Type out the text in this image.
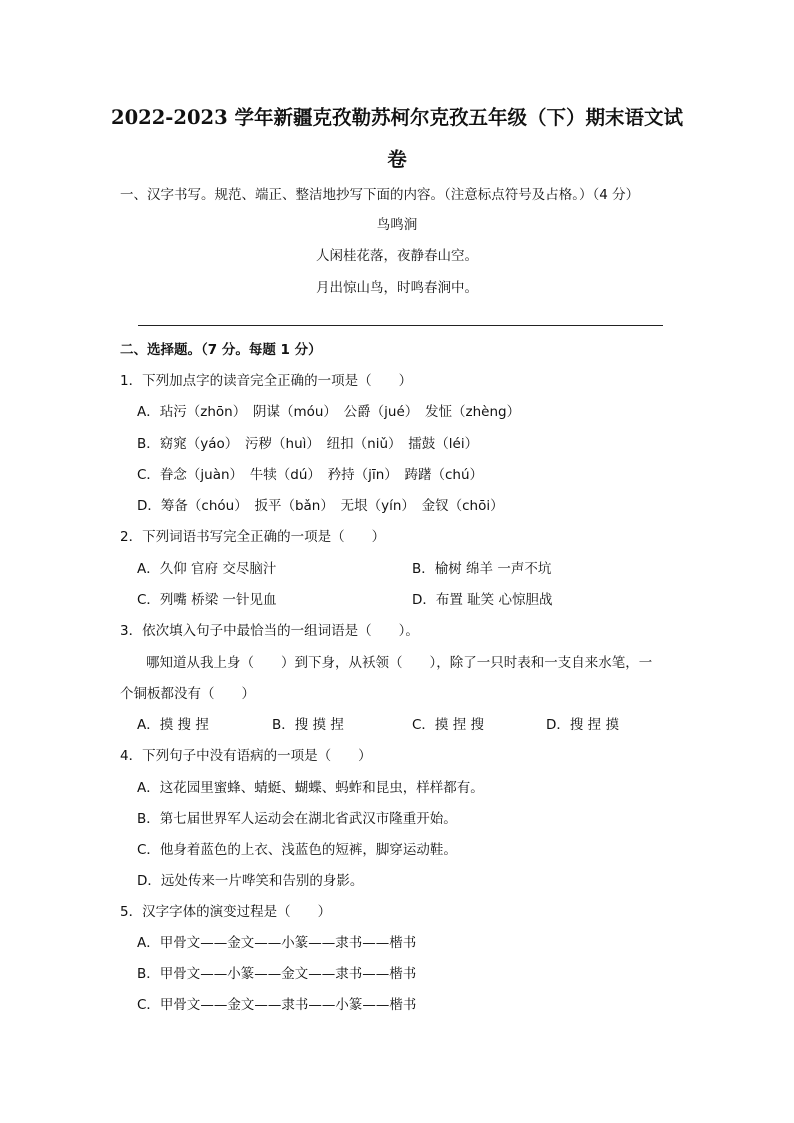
2022-2023 学年新疆克孜勒苏柯尔克孜五年级（下）期末语文试
卷
一、汉字书写。规范、端正、整洁地抄写下面的内容。（注意标点符号及占格。）（4 分）
鸟鸣涧
人闲桂花落，夜静春山空。
月出惊山鸟，时鸣春涧中。
二、选择题。（7 分。每题 1 分）
1．下列加点字的读音完全正确的一项是（　　）
A．玷污（zhōn）　阴谋（móu）　公爵（jué）　发怔（zhèng）
B．窈窕（yáo）　污秽（huì）　纽扣（niǔ）　擂鼓（léi）
C．眷念（juàn）　牛犊（dú）　矜持（jīn）　踌躇（chú）
D．筹备（chóu）　扳平（bǎn）　无垠（yín）　金钗（chōi）
2．下列词语书写完全正确的一项是（　　）
A．久仰 官府 交尽脑汁	B．榆树 绵羊 一声不坑
C．列嘴 桥梁 一针见血	D．布置 耻笑 心惊胆战
3．依次填入句子中最恰当的一组词语是（　　）。
哪知道从我上身（　　）到下身，从袄领（　　），除了一只时表和一支自来水笔，一
个铜板都没有（　　）
A．摸 搜 捏	B．搜 摸 捏	C．摸 捏 搜	D．搜 捏 摸
4．下列句子中没有语病的一项是（　　）
A．这花园里蜜蜂、蜻蜓、蝴蝶、蚂蚱和昆虫，样样都有。
B．第七届世界军人运动会在湖北省武汉市隆重开始。
C．他身着蓝色的上衣、浅蓝色的短裤，脚穿运动鞋。
D．远处传来一片哗笑和告别的身影。
5．汉字字体的演变过程是（　　）
A．甲骨文——金文——小篆——隶书——楷书
B．甲骨文——小篆——金文——隶书——楷书
C．甲骨文——金文——隶书——小篆——楷书
